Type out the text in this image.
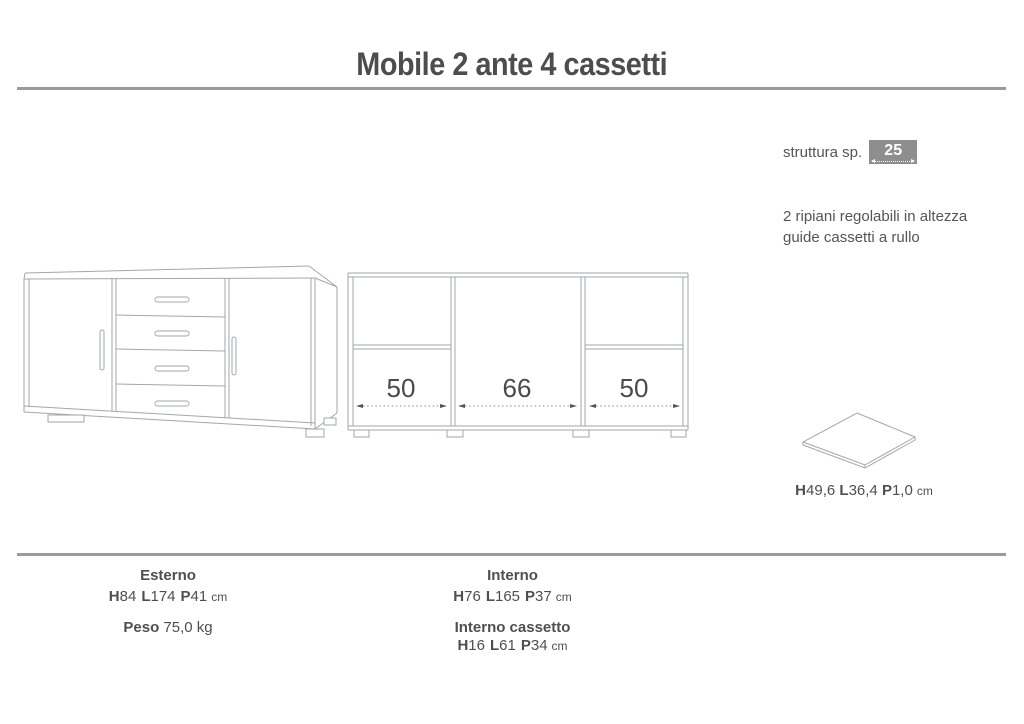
Mobile 2 ante 4 cassetti
struttura sp.	25 mm
2 ripiani regolabili in altezza
guide cassetti a rullo
50	66	50
H49,6 L36,4 P1,0 cm
Esterno
H84 L174 P41 cm
Peso 75,0 kg
Interno
H76 L165 P37 cm
Interno cassetto
H16 L61 P34 cm
